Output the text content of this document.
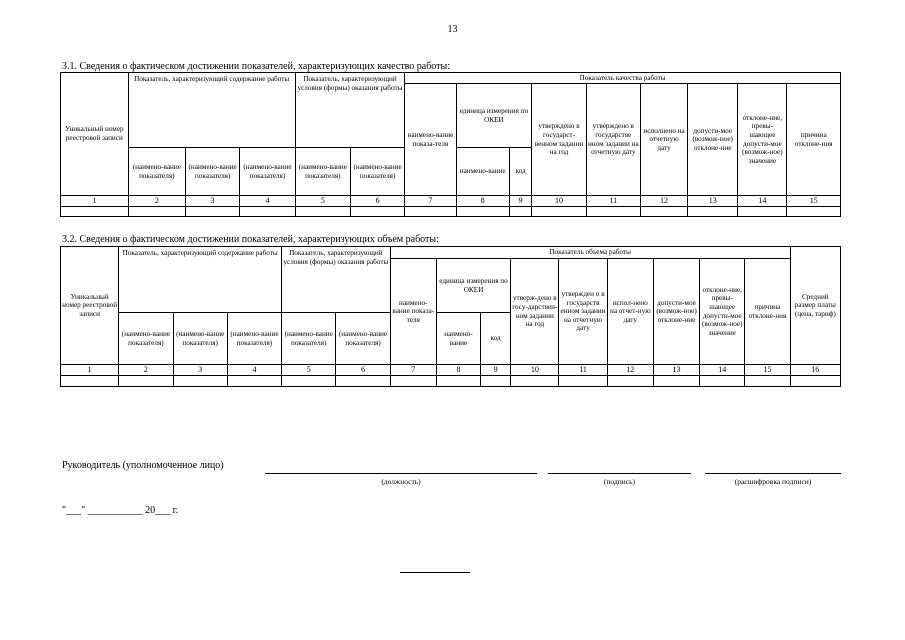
13
3.1. Сведения о фактическом достижении показателей, характеризующих качество работы:
Уникальный номер реестровой записи	Показатель, характеризующий содержание работы			Показатель, характеризующий условия (формы) оказания работы		Показатель качества работы								
						наимено-вание показа-теля	единица измерения по ОКЕИ		утверждено в государст-венном задании на год	утверждено в государстве нном задании на отчетную дату	исполнено на отчетную дату	допусти-мое (возмож-ное) отклоне-ние	отклоне-ние, превы-шающее допусти-мое (возмож-ное) значение	причина отклоне-ния
	(наимено-вание показателя)	(наимено-вание показателя)	(наимено-вание показателя)	(наимено-вание показателя)	(наимено-вание показателя)		наимено-вание	код						
1	2	3	4	5	6	7	8	9	10	11	12	13	14	15

3.2. Сведения о фактическом достижении показателей, характеризующих объем работы:
Уникальный номер реестровой записи	Показатель, характеризующий содержание работы			Показатель, характеризующий условия (формы) оказания работы		Показатель объема работы									Средний размер платы (цена, тариф)
						наимено-вание показа-теля	единица измерения по ОКЕИ		утверж-дено в госу-дарствен-ном задании на год	утвержден о в государств енном задании на отчетную дату	испол-нено на отчет-ную дату	допусти-мое (возмож-ное) отклоне-ние	отклоне-ние, превы-шающее допусти-мое (возмож-ное) значение	причина отклоне-ния	
	(наимено-вание показателя)	(наимено-вание показателя)	(наимено-вание показателя)	(наимено-вание показателя)	(наимено-вание показателя)		наимено-вание	код							
1	2	3	4	5	6	7	8	9	10	11	12	13	14	15	16

Руководитель (уполномоченное лицо)
(должность)	(подпись)	(расшифровка подписи)
"___" ___________ 20___ г.
